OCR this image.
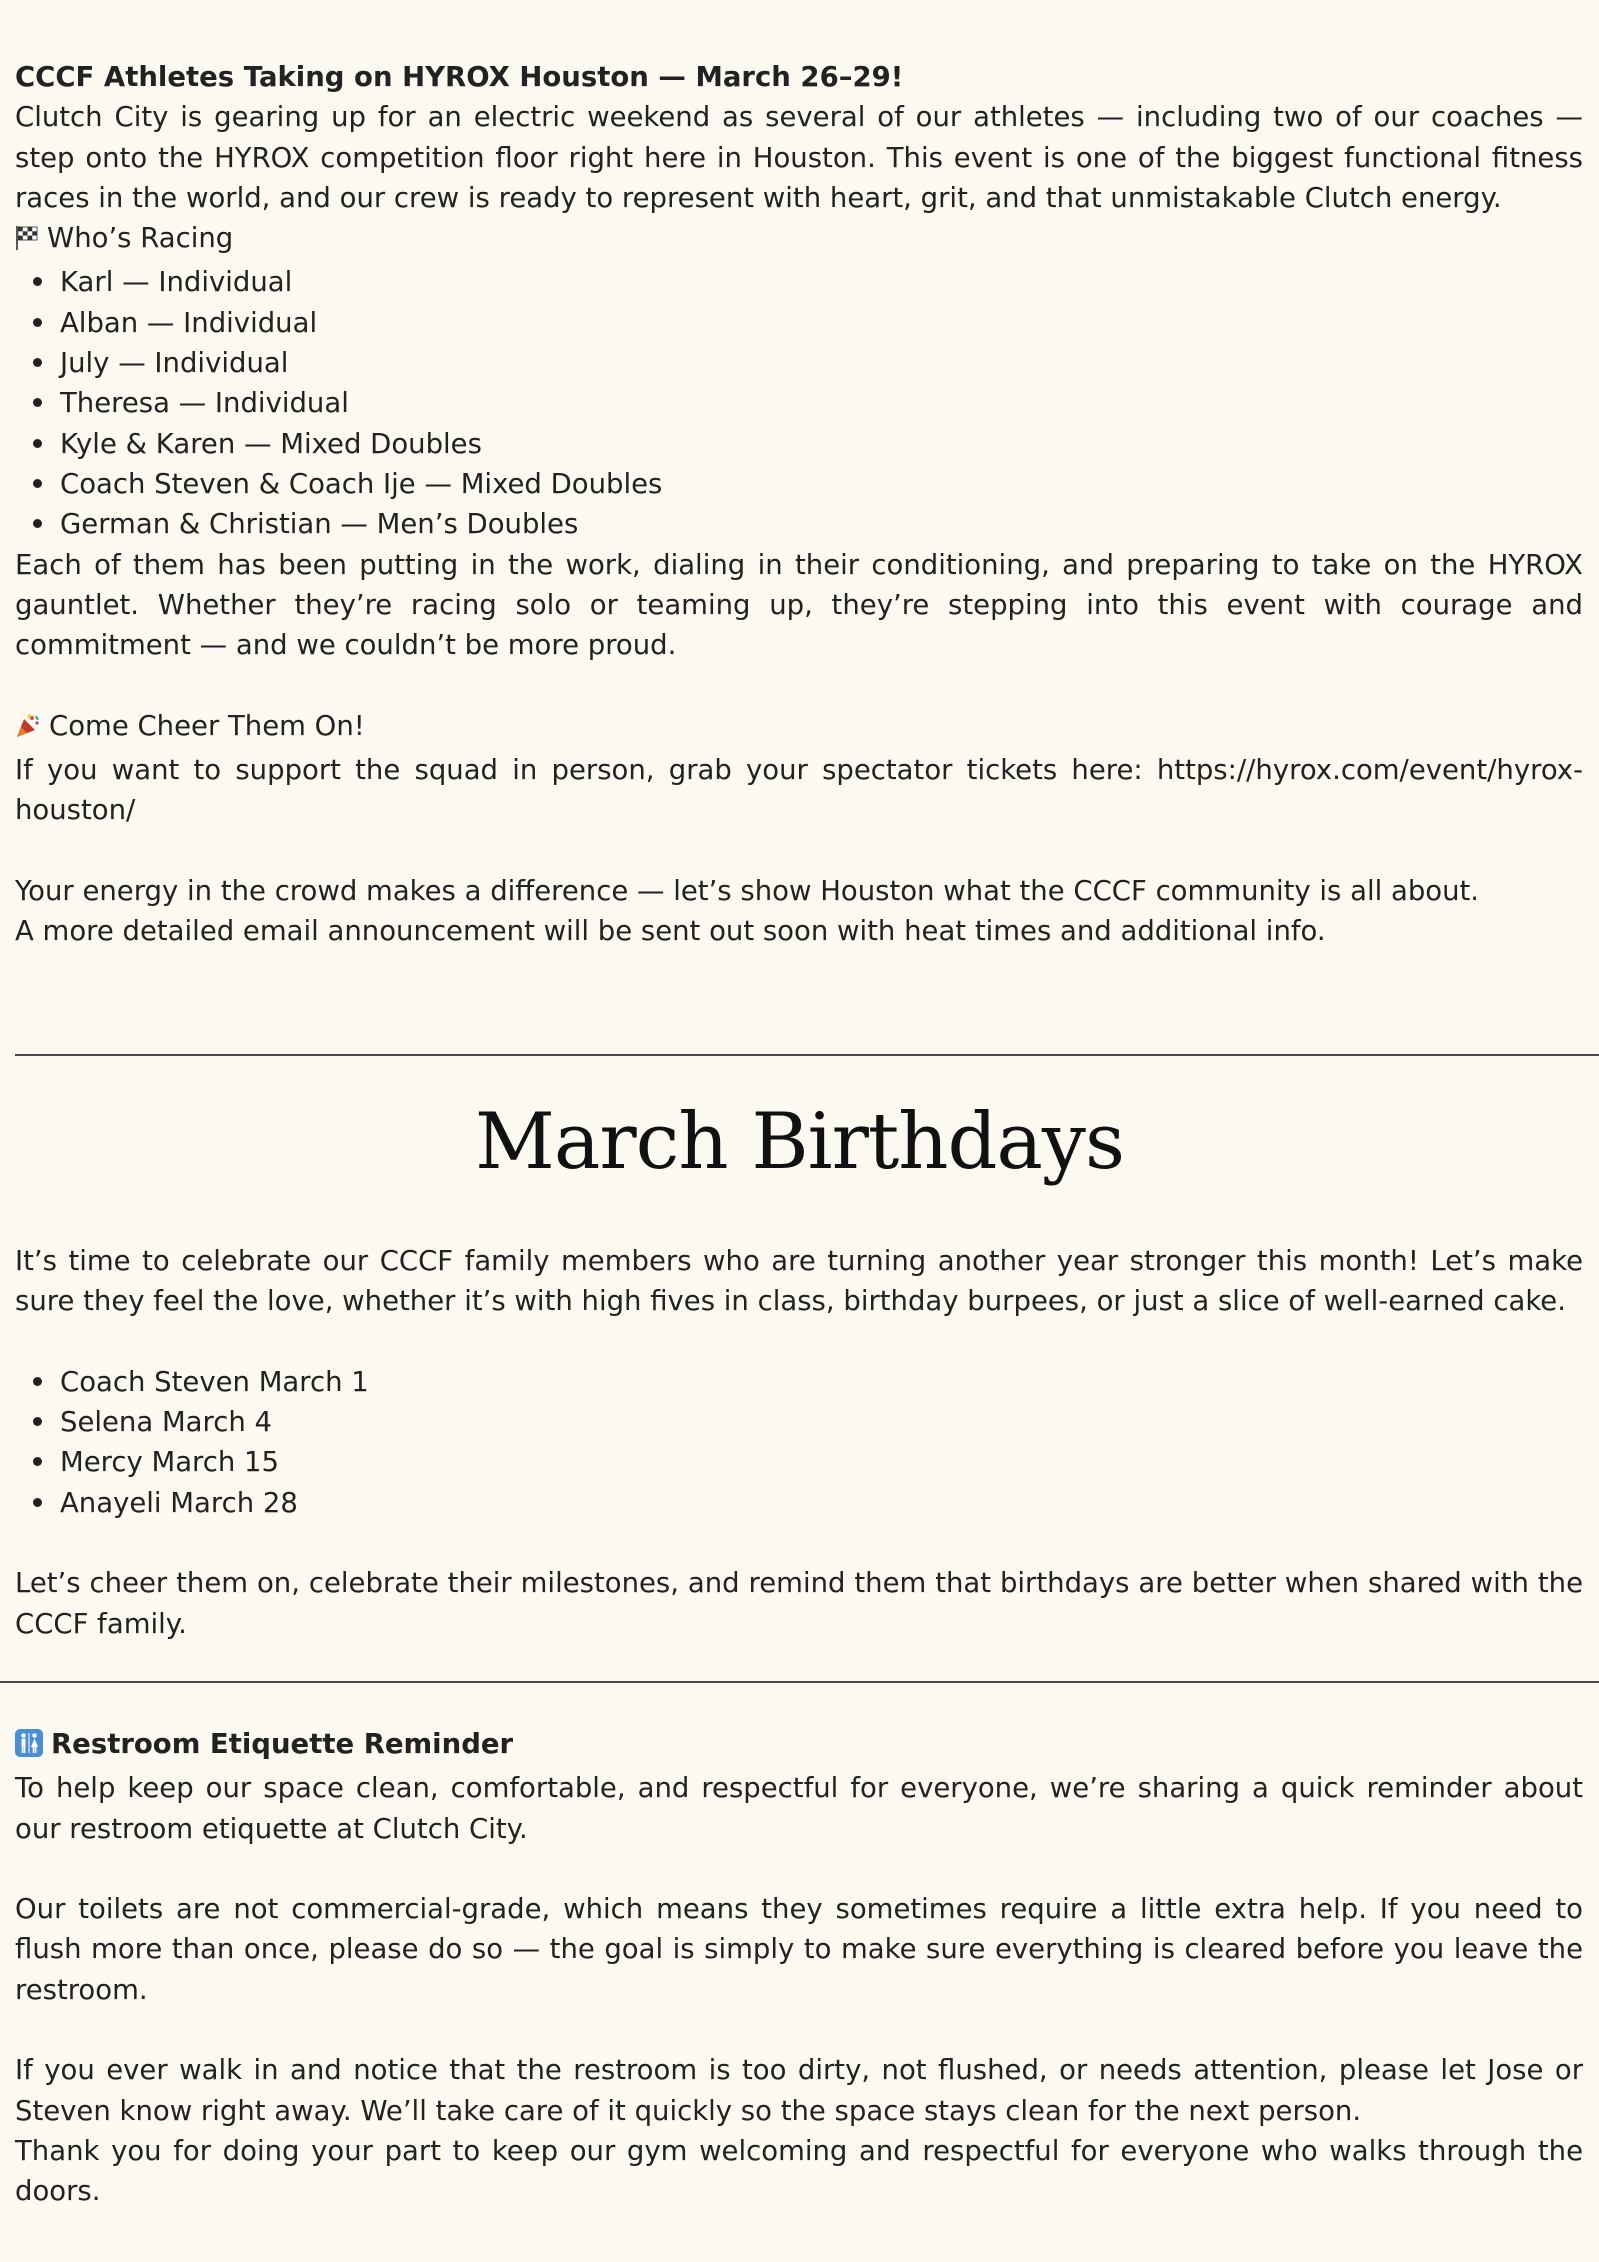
CCCF Athletes Taking on HYROX Houston — March 26–29!

Clutch City is gearing up for an electric weekend as several of our athletes — including two of our coaches — step onto the HYROX competition floor right here in Houston. This event is one of the biggest functional fitness races in the world, and our crew is ready to represent with heart, grit, and that unmistakable Clutch energy.

Who’s Racing

Karl — Individual
Alban — Individual
July — Individual
Theresa — Individual
Kyle & Karen — Mixed Doubles
Coach Steven & Coach Ije — Mixed Doubles
German & Christian — Men’s Doubles

Each of them has been putting in the work, dialing in their conditioning, and preparing to take on the HYROX gauntlet. Whether they’re racing solo or teaming up, they’re stepping into this event with courage and commitment — and we couldn’t be more proud.

Come Cheer Them On!

If you want to support the squad in person, grab your spectator tickets here: https://hyrox.com/event/hyrox-houston/

Your energy in the crowd makes a difference — let’s show Houston what the CCCF community is all about.

A more detailed email announcement will be sent out soon with heat times and additional info.

March Birthdays

It’s time to celebrate our CCCF family members who are turning another year stronger this month! Let’s make sure they feel the love, whether it’s with high fives in class, birthday burpees, or just a slice of well-earned cake.

Coach Steven March 1
Selena March 4
Mercy March 15
Anayeli March 28

Let’s cheer them on, celebrate their milestones, and remind them that birthdays are better when shared with the CCCF family.

Restroom Etiquette Reminder

To help keep our space clean, comfortable, and respectful for everyone, we’re sharing a quick reminder about our restroom etiquette at Clutch City.

Our toilets are not commercial-grade, which means they sometimes require a little extra help. If you need to flush more than once, please do so — the goal is simply to make sure everything is cleared before you leave the restroom.

If you ever walk in and notice that the restroom is too dirty, not flushed, or needs attention, please let Jose or Steven know right away. We’ll take care of it quickly so the space stays clean for the next person.

Thank you for doing your part to keep our gym welcoming and respectful for everyone who walks through the doors.
